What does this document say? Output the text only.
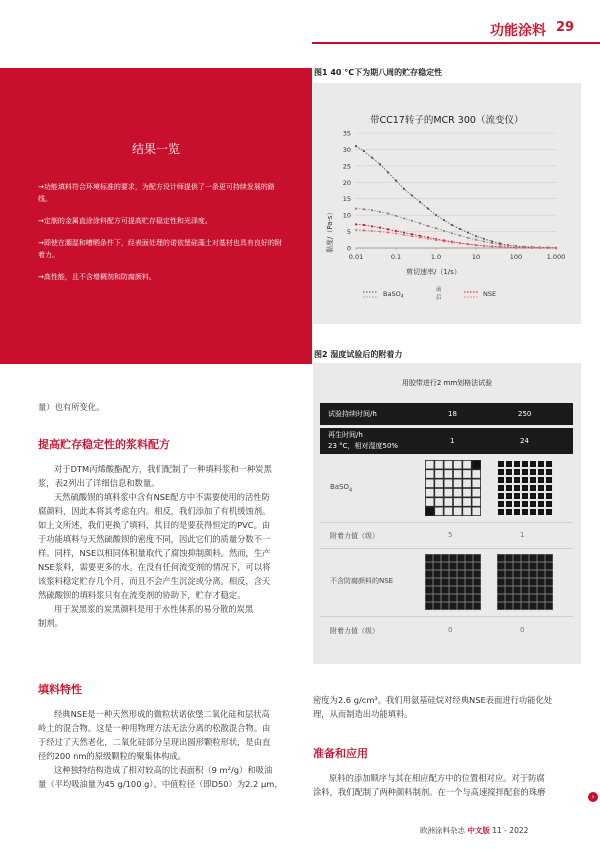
功能涂料 29
结果一览
→功能填料符合环境标准的要求，为配方设计师提供了一条更可持续发展的路线。
→定制的金属直涂涂料配方可提高贮存稳定性和光泽度。
→即使在潮湿和嘈晒条件下，经表面处理的诺依堡硅藻土对基材也具有良好的附着力。
→高性能，且不含增稠剂和防腐颜料。
图1 40 °C下为期八周的贮存稳定性
带CC17转子的MCR 300（流变仪）
0
5
10
15
20
25
30
35
0.01	0.1	1.0	10	100	1.000
黏度/（Pa·s）
剪切速率/（1/s）
BaSO$_4$
前
后	NSE
图2 湿度试验后的附着力
用胶带进行2 mm划格法试验
试验持续时间/h	18	250
再生时间/h
23 °C，相对湿度50%
1	24
BaSO$_4$
附着力值（级）	5	1
不含防腐颜料的NSE
附着力值（级）	0	0
量）也有所变化。
提高贮存稳定性的浆料配方
对于DTM丙烯酸酯配方，我们配制了一种填料浆和一种炭黑
浆，表2列出了详细信息和数量。
天然硫酸钡的填料浆中含有NSE配方中不需要使用的活性防
腐颜料，因此本将其考虑在内。相反，我们添加了有机缓蚀剂。
如上文所述，我们更换了填料，其目的是要获得恒定的PVC。由
于功能填料与天然硫酸钡的密度不同，因此它们的质量分数不一
样。同样，NSE以相同体积量取代了腐蚀抑制颜料。然而，生产
NSE浆料，需要更多的水。在没有任何流变剂的情况下，可以将
该浆料稳定贮存几个月，而且不会产生沉淀或分离。相反，含天
然硫酸钡的填料浆只有在流变剂的协助下，贮存才稳定。
用于炭黑浆的炭黑颜料是用于水性体系的易分散的炭黑
制剂。
填料特性
经典NSE是一种天然形成的微粒状诺依堡二氧化硅和层状高
岭土的混合物。这是一种用物理方法无法分离的松散混合物。由
于经过了天然老化，二氧化硅部分呈现出圆形颗粒形状，是由直
径约200 nm的原级颗粒的聚集体构成。
这种独特结构造成了相对较高的比表面积（9 m²/g）和吸油
量（平均吸油量为45 g/100 g）。中值粒径（即D50）为2.2 μm，
密度为2.6 g/cm³。我们用氨基硅烷对经典NSE表面进行功能化处
理，从而制造出功能填料。
准备和应用
原料的添加顺序与其在相应配方中的位置相对应。对于防腐
涂料，我们配制了两种颜料制剂。在一个与高速搅拌配套的珠磨	›
欧洲涂料杂志 中文版 11 - 2022
